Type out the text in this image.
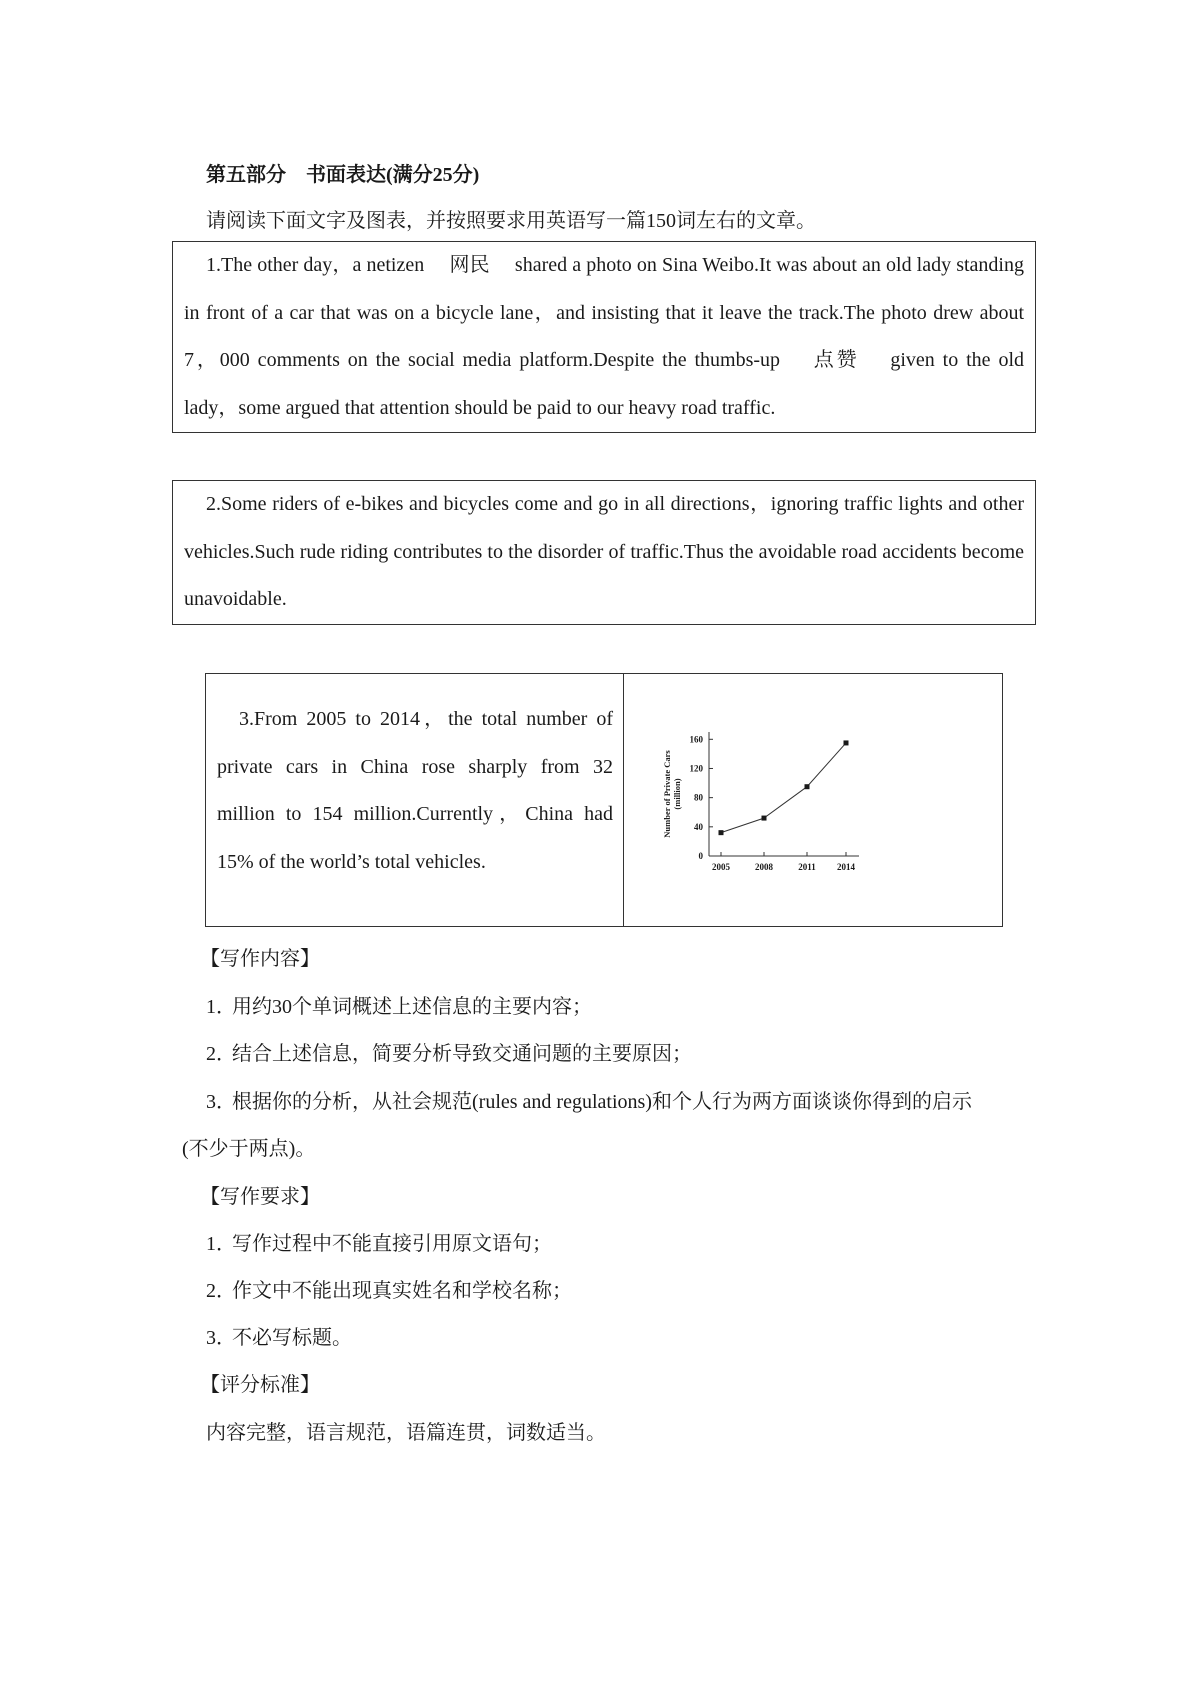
第五部分 书面表达(满分25分)
请阅读下面文字及图表，并按照要求用英语写一篇150词左右的文章。

1.The other day，a netizen　 网民　 shared a photo on Sina Weibo.It was about an old lady standing in front of a car that was on a bicycle lane，and insisting that it leave the track.The photo drew about 7，000 comments on the social media platform.Despite the thumbs-up　 点赞　 given to the old lady，some argued that attention should be paid to our heavy road traffic.

2.Some riders of e-bikes and bicycles come and go in all directions，ignoring traffic lights and other vehicles.Such rude riding contributes to the disorder of traffic.Thus the avoidable road accidents become unavoidable.

3.From 2005 to 2014，the total number of private cars in China rose sharply from 32 million to 154 million.Currently，China had 15% of the world’s total vehicles.	0
40
80
120
160
2005	2008	2011 2014
Number of Private Cars (million)
【写作内容】
1．用约30个单词概述上述信息的主要内容；
2．结合上述信息，简要分析导致交通问题的主要原因；
3．根据你的分析，从社会规范(rules and regulations)和个人行为两方面谈谈你得到的启示
(不少于两点)。
【写作要求】
1．写作过程中不能直接引用原文语句；
2．作文中不能出现真实姓名和学校名称；
3．不必写标题。
【评分标准】
内容完整，语言规范，语篇连贯，词数适当。
